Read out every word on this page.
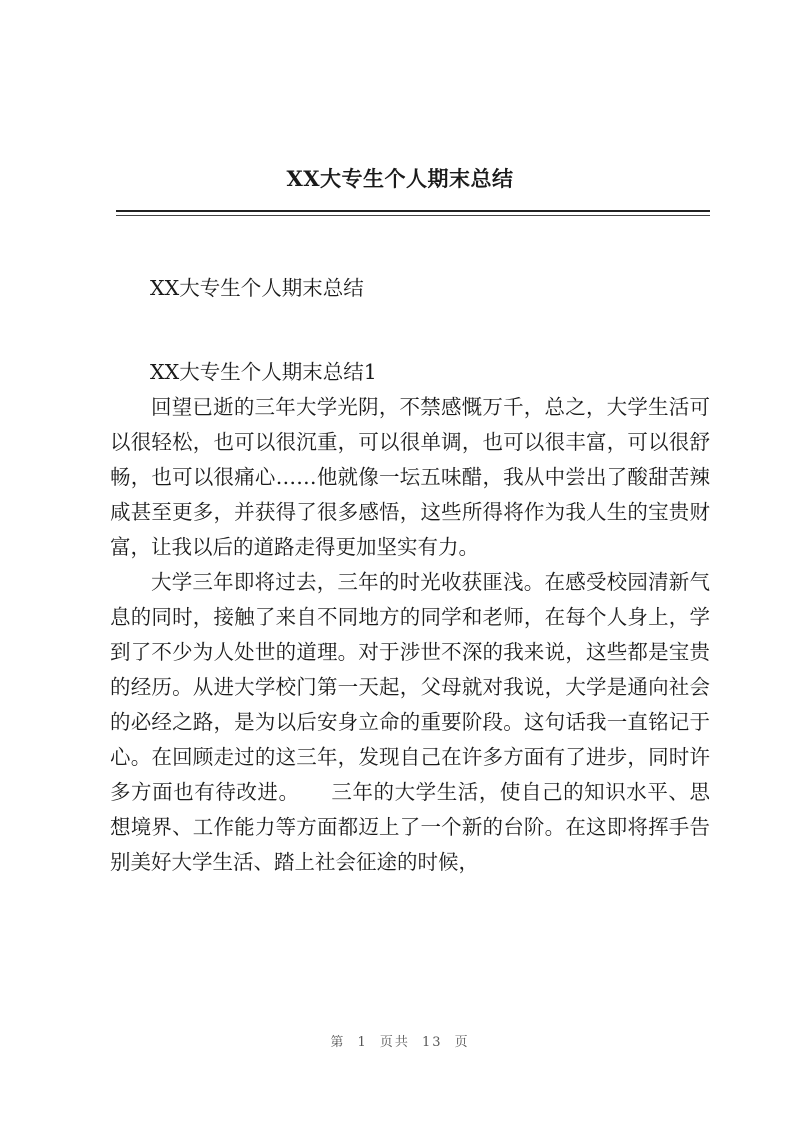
XX大专生个人期末总结
XX大专生个人期末总结
XX大专生个人期末总结1

回望已逝的三年大学光阴，不禁感慨万千，总之，大学生活可以很轻松，也可以很沉重，可以很单调，也可以很丰富，可以很舒畅，也可以很痛心……他就像一坛五味醋，我从中尝出了酸甜苦辣咸甚至更多，并获得了很多感悟，这些所得将作为我人生的宝贵财富，让我以后的道路走得更加坚实有力。

大学三年即将过去，三年的时光收获匪浅。在感受校园清新气息的同时，接触了来自不同地方的同学和老师，在每个人身上，学到了不少为人处世的道理。对于涉世不深的我来说，这些都是宝贵的经历。从进大学校门第一天起，父母就对我说，大学是通向社会的必经之路，是为以后安身立命的重要阶段。这句话我一直铭记于心。在回顾走过的这三年，发现自己在许多方面有了进步，同时许多方面也有待改进。　　三年的大学生活，使自己的知识水平、思想境界、工作能力等方面都迈上了一个新的台阶。在这即将挥手告别美好大学生活、踏上社会征途的时候，

第 1 页共 13 页
